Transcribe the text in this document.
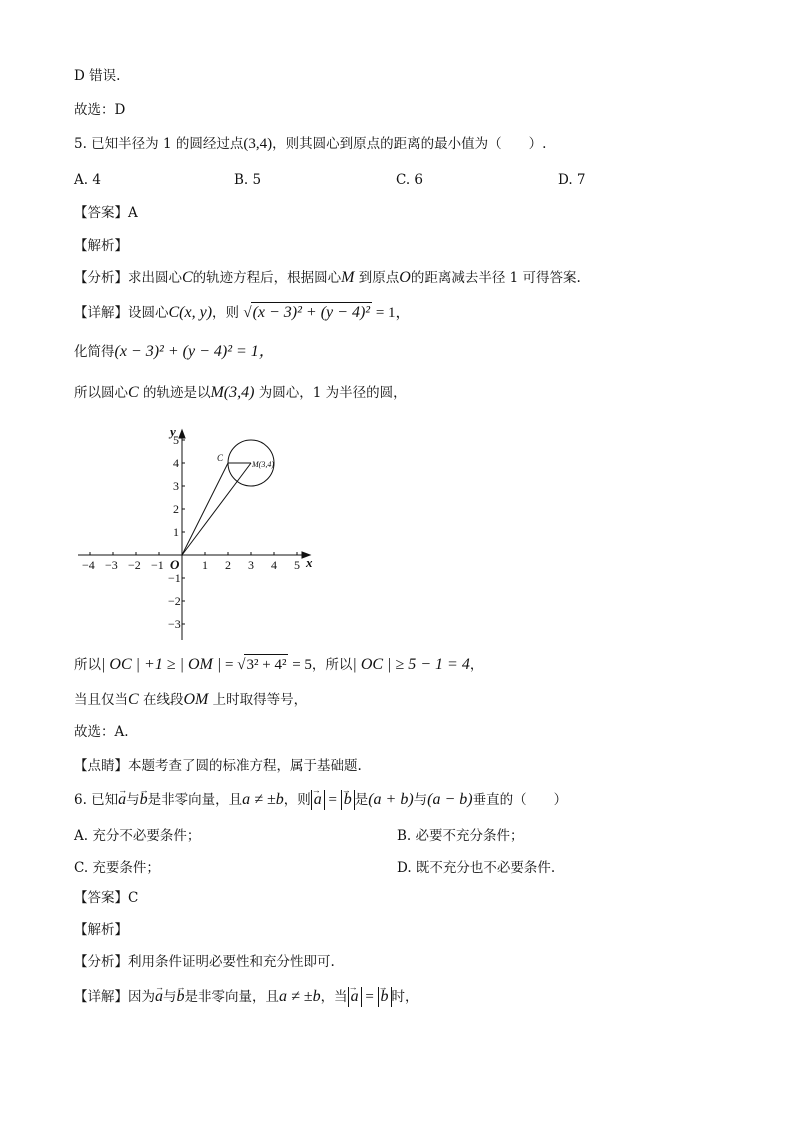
D 错误.
故选：D
5. 已知半径为 1 的圆经过点(3,4)，则其圆心到原点的距离的最小值为（　　）.
A. 4	B. 5	C. 6	D. 7
【答案】A
【解析】
【分析】求出圆心C的轨迹方程后，根据圆心M 到原点O的距离减去半径 1 可得答案.
【详解】设圆心C(x, y)，则 √(x − 3)² + (y − 4)² = 1，
化简得(x − 3)² + (y − 4)² = 1，
所以圆心C 的轨迹是以M(3,4) 为圆心，1 为半径的圆，
x
y
O
−4 −3 −2 −1	1 2 3 4 5
5
4
3
2
1
−1
−2
−3
C
M(3,4)
所以| OC | +1 ≥ | OM | = √3² + 4² = 5，所以| OC | ≥ 5 − 1 = 4，
当且仅当C 在线段OM 上时取得等号，
故选：A.
【点睛】本题考查了圆的标准方程，属于基础题.
6. 已知→ a与→ b是非零向量，且a ≠ ±b，则 → a = → b 是(a + b)与(a − b)垂直的（　　）
A. 充分不必要条件；	B. 必要不充分条件；
C. 充要条件；	D. 既不充分也不必要条件.
【答案】C
【解析】
【分析】利用条件证明必要性和充分性即可.
【详解】因为→ a与→ b是非零向量，且a ≠ ±b，当 → a = → b 时，
